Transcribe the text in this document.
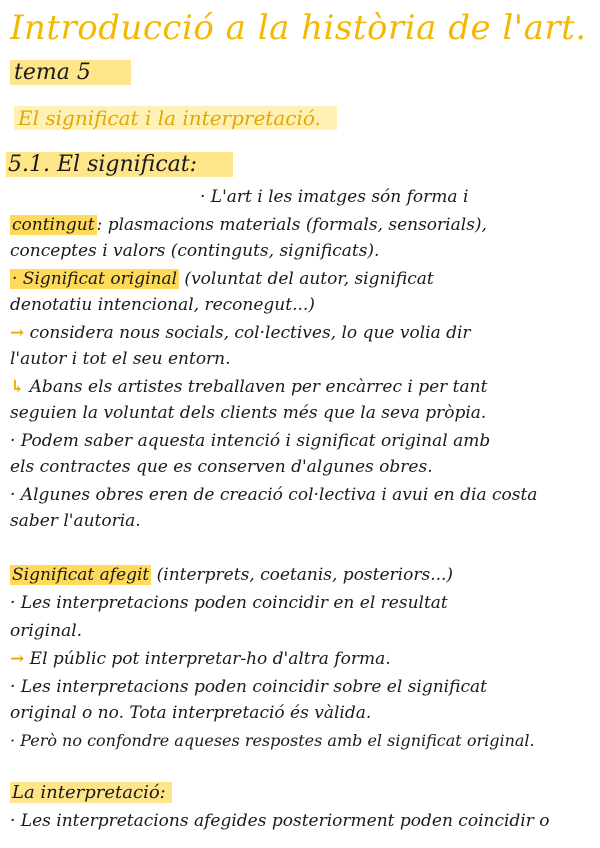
Introducció a la història de l'art.
tema 5
El significat i la interpretació.
5.1. El significat:
· L'art i les imatges són forma i
contingut : plasmacions materials (formals, sensorials),
conceptes i valors (continguts, significats).
· Significat original (voluntat del autor, significat
denotatiu intencional, reconegut...)
→ considera nous socials, col·lectives, lo que volia dir
l'autor i tot el seu entorn.
↳ Abans els artistes treballaven per encàrrec i per tant
seguien la voluntat dels clients més que la seva pròpia.
· Podem saber aquesta intenció i significat original amb
els contractes que es conserven d'algunes obres.
· Algunes obres eren de creació col·lectiva i avui en dia costa
saber l'autoria.
Significat afegit (interprets, coetanis, posteriors...)
· Les interpretacions poden coincidir en el resultat
original.
→ El públic pot interpretar-ho d'altra forma.
· Les interpretacions poden coincidir sobre el significat
original o no. Tota interpretació és vàlida.
· Però no confondre aqueses respostes amb el significat original.
La interpretació:
· Les interpretacions afegides posteriorment poden coincidir o
